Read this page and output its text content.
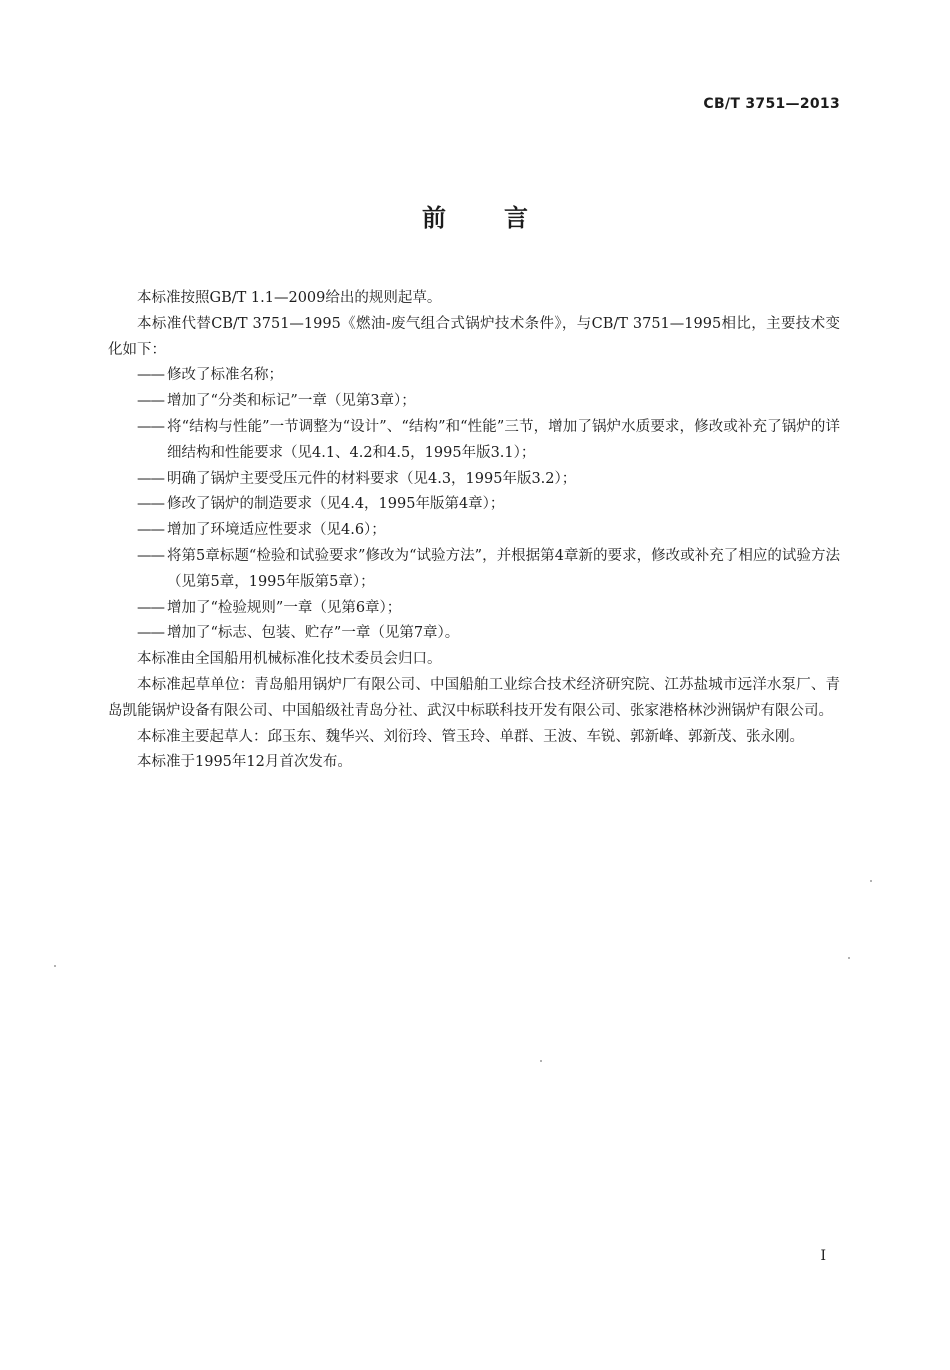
CB/T 3751—2013
前言

本标准按照GB/T 1.1—2009给出的规则起草。

本标准代替CB/T 3751—1995《燃油-废气组合式锅炉技术条件》，与CB/T 3751—1995相比，主要技术变化如下：

—— 修改了标准名称；
—— 增加了“分类和标记”一章（见第3章）；
—— 将“结构与性能”一节调整为“设计”、“结构”和“性能”三节，增加了锅炉水质要求，修改或补充了锅炉的详细结构和性能要求（见4.1、4.2和4.5，1995年版3.1）；
—— 明确了锅炉主要受压元件的材料要求（见4.3，1995年版3.2）；
—— 修改了锅炉的制造要求（见4.4，1995年版第4章）；
—— 增加了环境适应性要求（见4.6）；
—— 将第5章标题“检验和试验要求”修改为“试验方法”，并根据第4章新的要求，修改或补充了相应的试验方法（见第5章，1995年版第5章）；
—— 增加了“检验规则”一章（见第6章）；
—— 增加了“标志、包装、贮存”一章（见第7章）。

本标准由全国船用机械标准化技术委员会归口。

本标准起草单位：青岛船用锅炉厂有限公司、中国船舶工业综合技术经济研究院、江苏盐城市远洋水泵厂、青岛凯能锅炉设备有限公司、中国船级社青岛分社、武汉中标联科技开发有限公司、张家港格林沙洲锅炉有限公司。

本标准主要起草人：邱玉东、魏华兴、刘衍玲、管玉玲、单群、王波、车锐、郭新峰、郭新茂、张永刚。

本标准于1995年12月首次发布。

I
